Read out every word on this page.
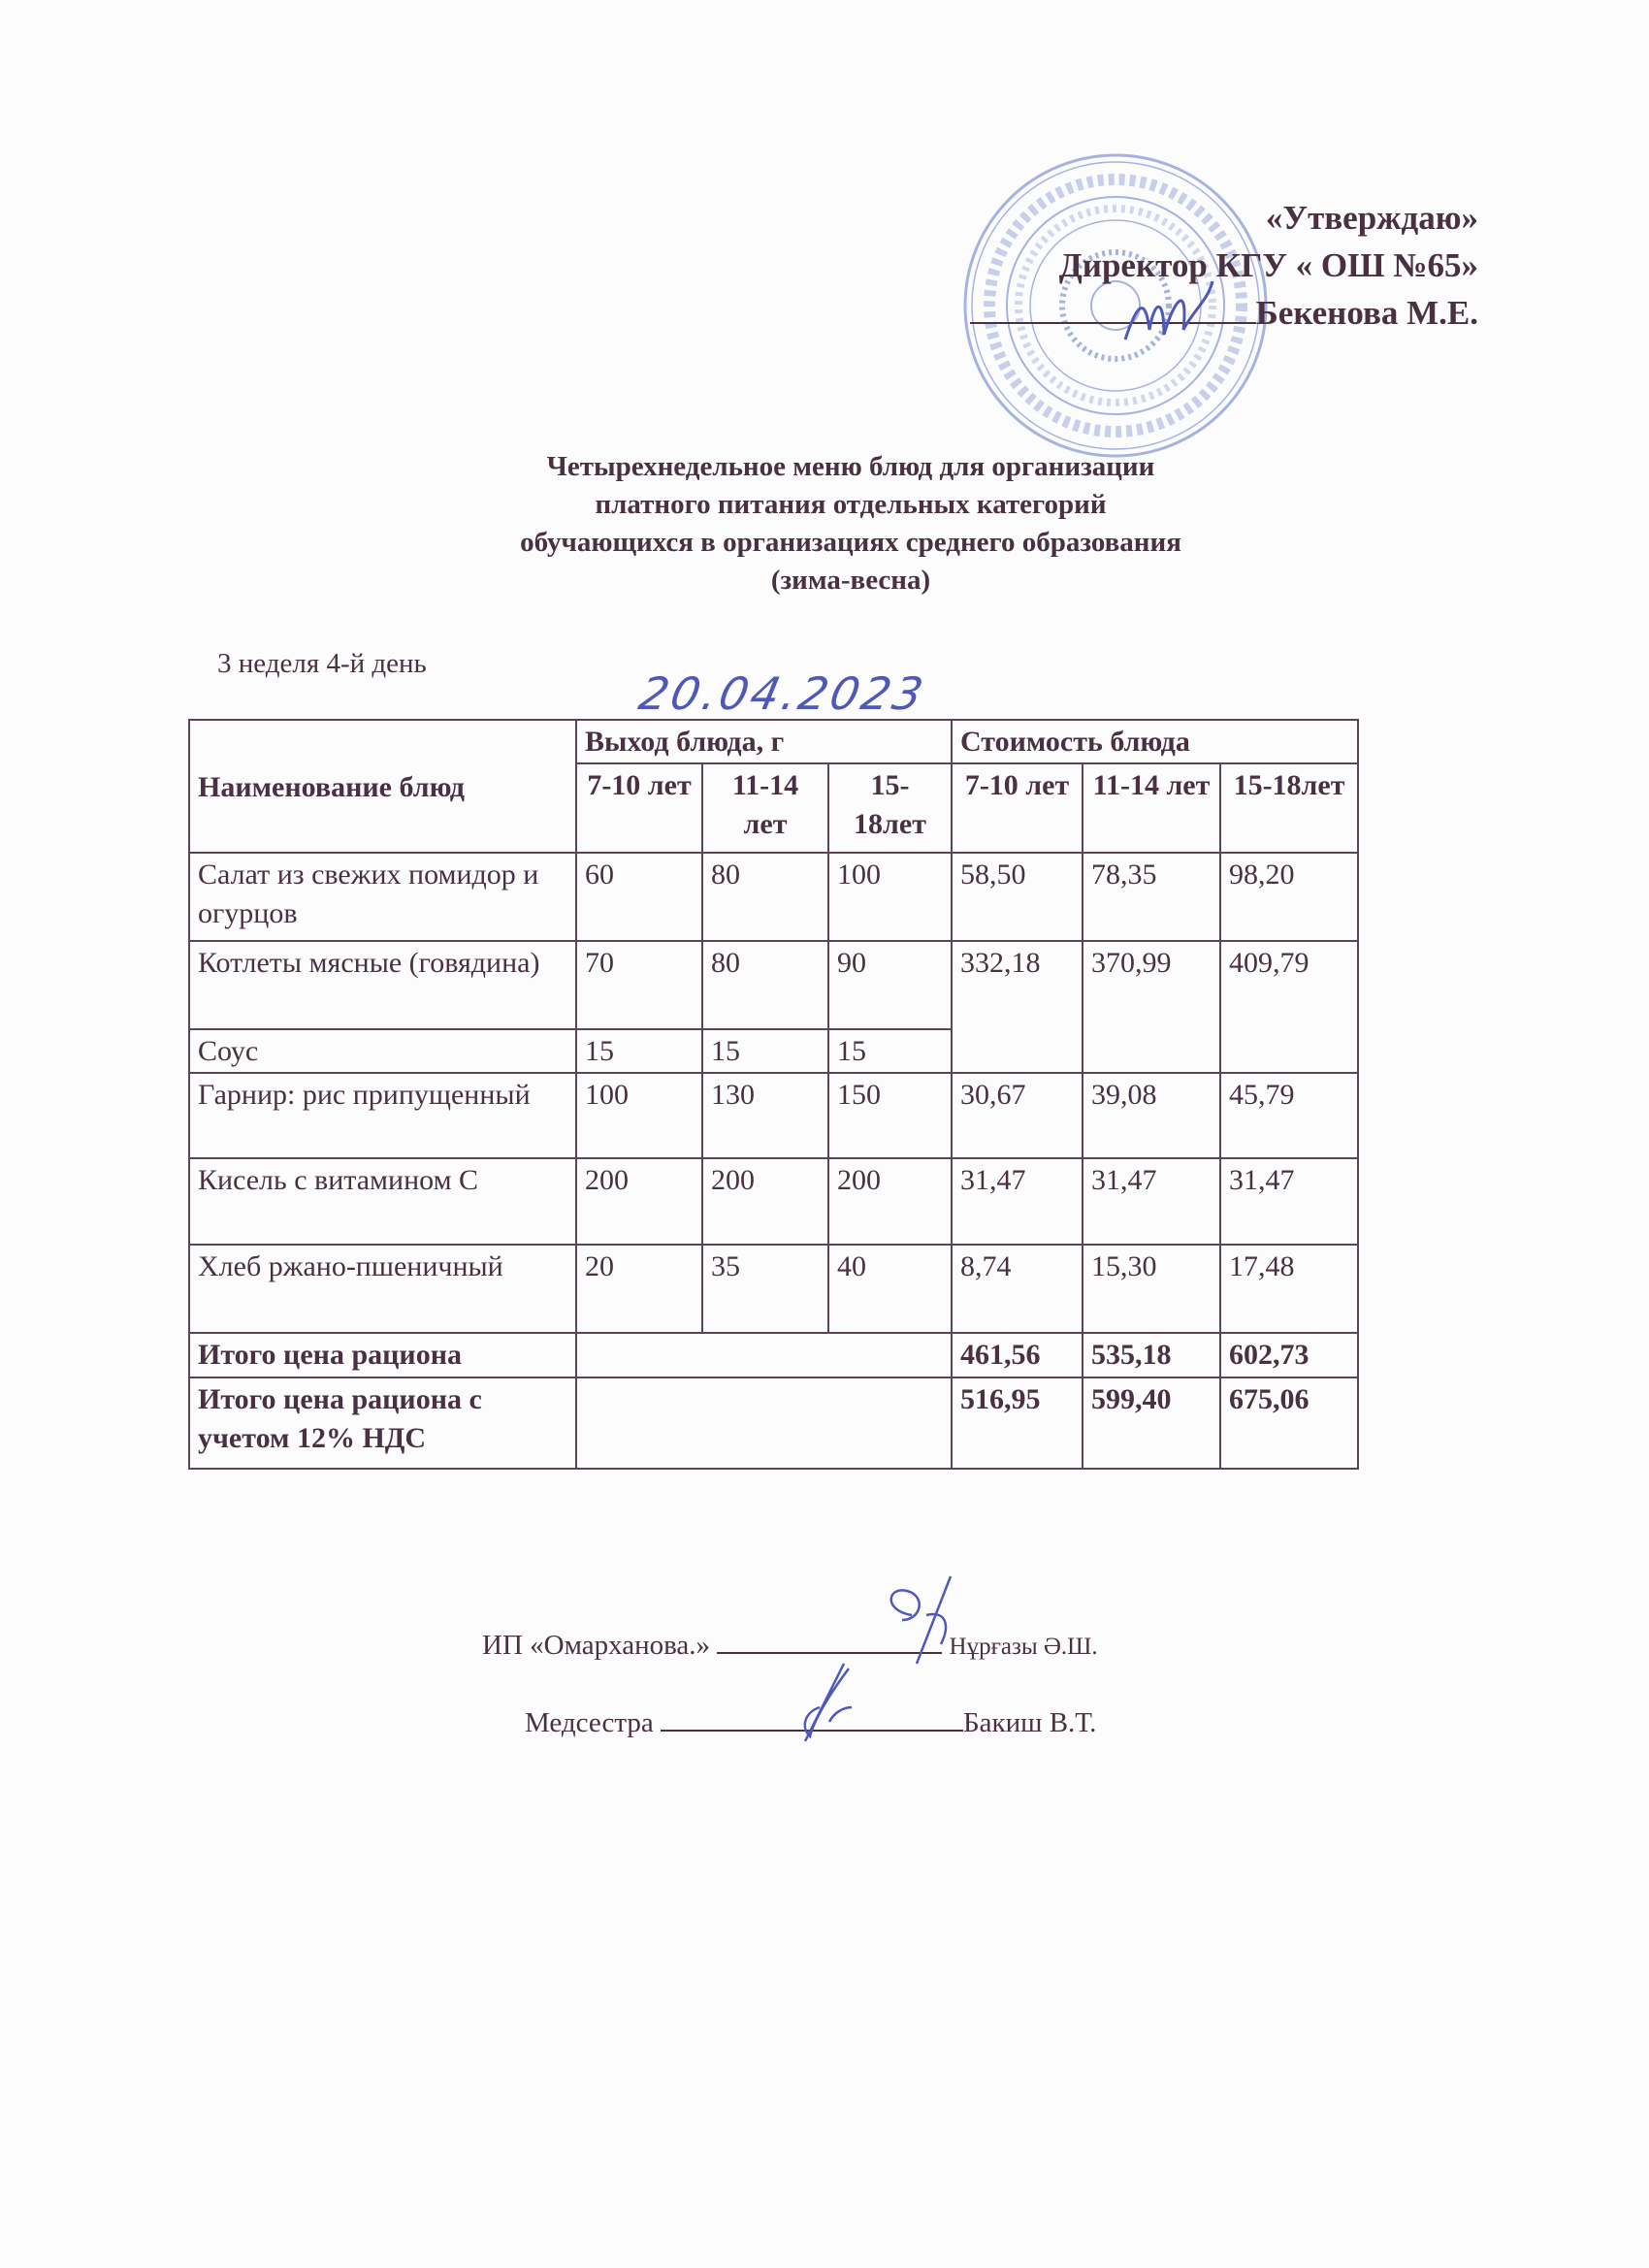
«Утверждаю»
Директор КГУ « ОШ №65»
Бекенова М.Е.
Четырехнедельное меню блюд для организации
платного питания отдельных категорий
обучающихся в организациях среднего образования
(зима-весна)
3 неделя 4-й день
20.04.2023
Наименование блюд	Выход блюда, г			Стоимость блюда		
	7-10 лет	11-14 лет	15-18лет	7-10 лет	11-14 лет	15-18лет
Салат из свежих помидор и огурцов	60	80	100	58,50	78,35	98,20
Котлеты мясные (говядина)	70	80	90	332,18	370,99	409,79
Соус	15	15	15			
Гарнир: рис припущенный	100	130	150	30,67	39,08	45,79
Кисель с витамином С	200	200	200	31,47	31,47	31,47
Хлеб ржано-пшеничный	20	35	40	8,74	15,30	17,48
Итого цена рациона				461,56	535,18	602,73
Итого цена рациона с учетом 12% НДС				516,95	599,40	675,06
ИП «Омарханова.»	Нұрғазы Ә.Ш.
Медсестра	Бакиш В.Т.
